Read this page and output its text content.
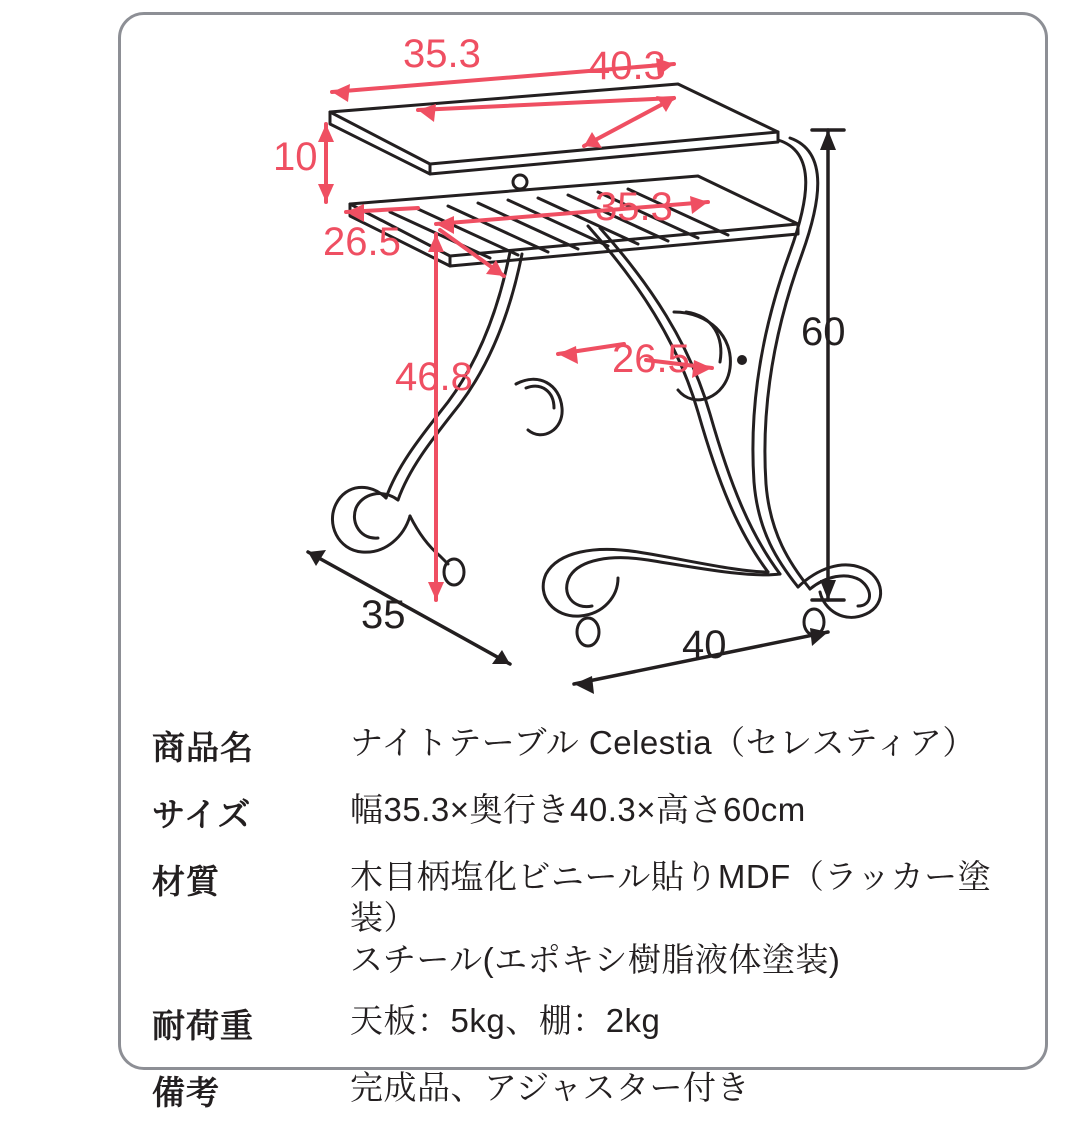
35.3	40.3
10
35.3
26.5
46.8	26.5
60
35
40
商品名	ナイトテーブル Celestia（セレスティア）

サイズ	幅35.3×奥行き40.3×高さ60cm

材質	木目柄塩化ビニール貼りMDF（ラッカー塗装）
スチール(エポキシ樹脂液体塗装)

耐荷重	天板：5kg、棚：2kg

備考	完成品、アジャスター付き
